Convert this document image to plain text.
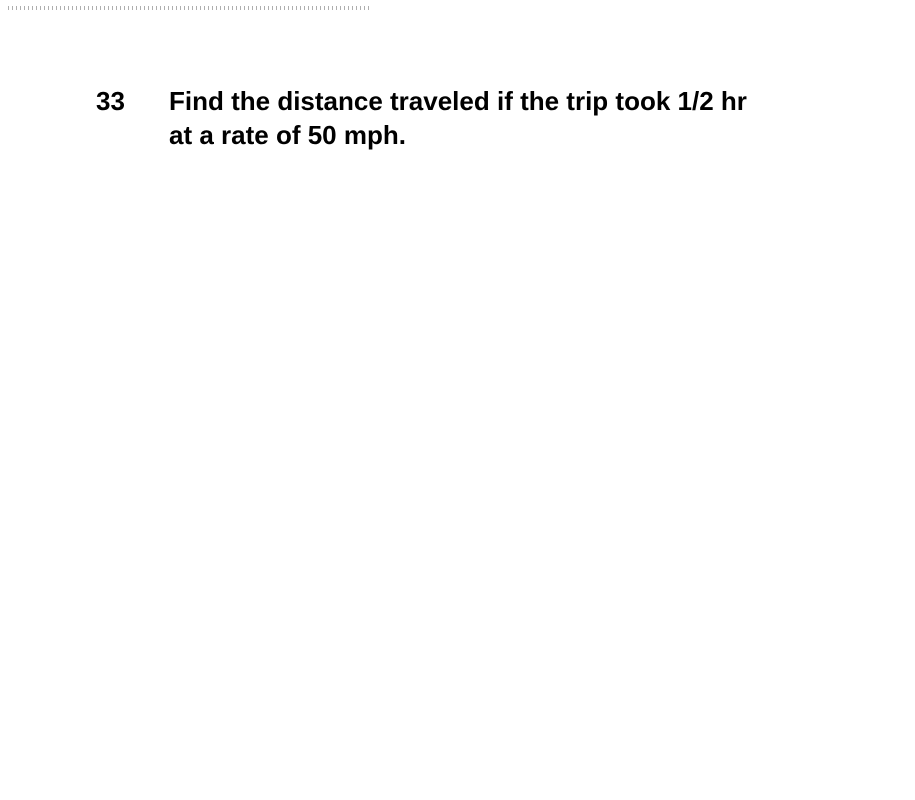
33	Find the distance traveled if the trip took 1/2 hr
at a rate of 50 mph.
